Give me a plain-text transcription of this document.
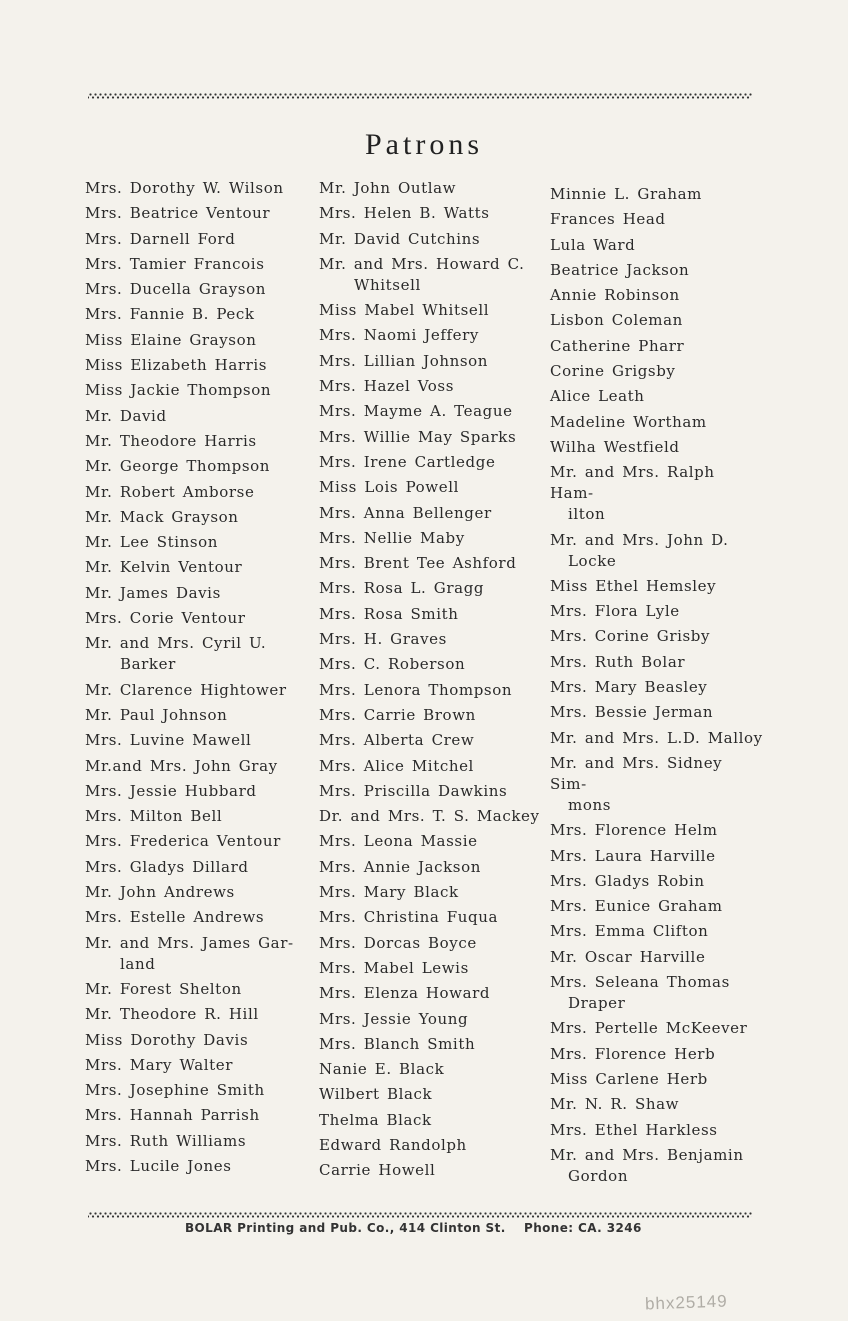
Patrons
Mrs. Dorothy W. Wilson
Mrs. Beatrice Ventour
Mrs. Darnell Ford
Mrs. Tamier Francois
Mrs. Ducella Grayson
Mrs. Fannie B. Peck
Miss Elaine Grayson
Miss Elizabeth Harris
Miss Jackie Thompson
Mr. David
Mr. Theodore Harris
Mr. George Thompson
Mr. Robert Amborse
Mr. Mack Grayson
Mr. Lee Stinson
Mr. Kelvin Ventour
Mr. James Davis
Mrs. Corie Ventour
Mr. and Mrs. Cyril U.
Barker
Mr. Clarence Hightower
Mr. Paul Johnson
Mrs. Luvine Mawell
Mr.and Mrs. John Gray
Mrs. Jessie Hubbard
Mrs. Milton Bell
Mrs. Frederica Ventour
Mrs. Gladys Dillard
Mr. John Andrews
Mrs. Estelle Andrews
Mr. and Mrs. James Gar-
land
Mr. Forest Shelton
Mr. Theodore R. Hill
Miss Dorothy Davis
Mrs. Mary Walter
Mrs. Josephine Smith
Mrs. Hannah Parrish
Mrs. Ruth Williams
Mrs. Lucile Jones
Mr. John Outlaw
Mrs. Helen B. Watts
Mr. David Cutchins
Mr. and Mrs. Howard C.
Whitsell
Miss Mabel Whitsell
Mrs. Naomi Jeffery
Mrs. Lillian Johnson
Mrs. Hazel Voss
Mrs. Mayme A. Teague
Mrs. Willie May Sparks
Mrs. Irene Cartledge
Miss Lois Powell
Mrs. Anna Bellenger
Mrs. Nellie Maby
Mrs. Brent Tee Ashford
Mrs. Rosa L. Gragg
Mrs. Rosa Smith
Mrs. H. Graves
Mrs. C. Roberson
Mrs. Lenora Thompson
Mrs. Carrie Brown
Mrs. Alberta Crew
Mrs. Alice Mitchel
Mrs. Priscilla Dawkins
Dr. and Mrs. T. S. Mackey
Mrs. Leona Massie
Mrs. Annie Jackson
Mrs. Mary Black
Mrs. Christina Fuqua
Mrs. Dorcas Boyce
Mrs. Mabel Lewis
Mrs. Elenza Howard
Mrs. Jessie Young
Mrs. Blanch Smith
Nanie E. Black
Wilbert Black
Thelma Black
Edward Randolph
Carrie Howell
Minnie L. Graham
Frances Head
Lula Ward
Beatrice Jackson
Annie Robinson
Lisbon Coleman
Catherine Pharr
Corine Grigsby
Alice Leath
Madeline Wortham
Wilha Westfield
Mr. and Mrs. Ralph Ham-
ilton
Mr. and Mrs. John D.
Locke
Miss Ethel Hemsley
Mrs. Flora Lyle
Mrs. Corine Grisby
Mrs. Ruth Bolar
Mrs. Mary Beasley
Mrs. Bessie Jerman
Mr. and Mrs. L.D. Malloy
Mr. and Mrs. Sidney Sim-
mons
Mrs. Florence Helm
Mrs. Laura Harville
Mrs. Gladys Robin
Mrs. Eunice Graham
Mrs. Emma Clifton
Mr. Oscar Harville
Mrs. Seleana Thomas
Draper
Mrs. Pertelle McKeever
Mrs. Florence Herb
Miss Carlene Herb
Mr. N. R. Shaw
Mrs. Ethel Harkless
Mr. and Mrs. Benjamin
Gordon
BOLAR Printing and Pub. Co., 414 Clinton St.    Phone: CA. 3246
bhx25149
